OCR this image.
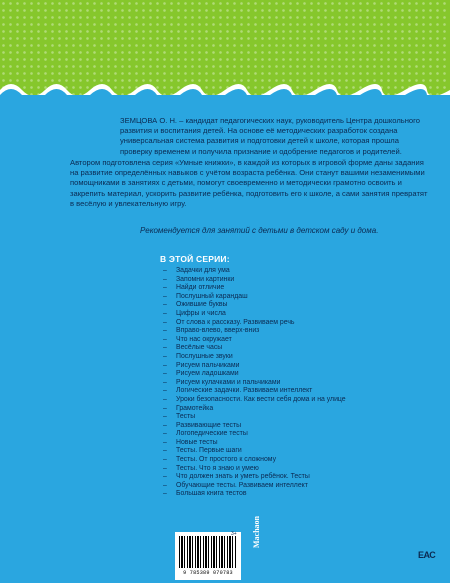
ЗЕМЦОВА О. Н. – кандидат педагогических наук, руководитель Центра дошкольного развития и воспитания детей. На основе её методических разработок создана универсальная система развития и подготовки детей к школе, которая прошла проверку временем и получила признание и одобрение педагогов и родителей.
Автором подготовлена серия «Умные книжки», в каждой из которых в игровой форме даны задания на развитие определённых навыков с учётом возраста ребёнка. Они станут вашими незаменимыми помощниками в занятиях с детьми, помогут своевременно и методически грамотно освоить и закрепить материал, ускорить развитие ребёнка, подготовить его к школе, а сами занятия превратят в весёлую и увлекательную игру.
Рекомендуется для занятий с детьми в детском саду и дома.
В ЭТОЙ СЕРИИ:
– Задачки для ума
– Запомни картинки
– Найди отличие
– Послушный карандаш
– Ожившие буквы
– Цифры и числа
– От слова к рассказу. Развиваем речь
– Вправо-влево, вверх-вниз
– Что нас окружает
– Весёлые часы
– Послушные звуки
– Рисуем пальчиками
– Рисуем ладошками
– Рисуем кулачками и пальчиками
– Логические задачки. Развиваем интеллект
– Уроки безопасности. Как вести себя дома и на улице
– Грамотейка
– Тесты
– Развивающие тесты
– Логопедические тесты
– Новые тесты
– Тесты. Первые шаги
– Тесты. От простого к сложному
– Тесты. Что я знаю и умею
– Что должен знать и уметь ребёнок. Тесты
– Обучающие тесты. Развиваем интеллект
– Большая книга тестов
9 785389 070783
3+ Machaon
ЕАС
